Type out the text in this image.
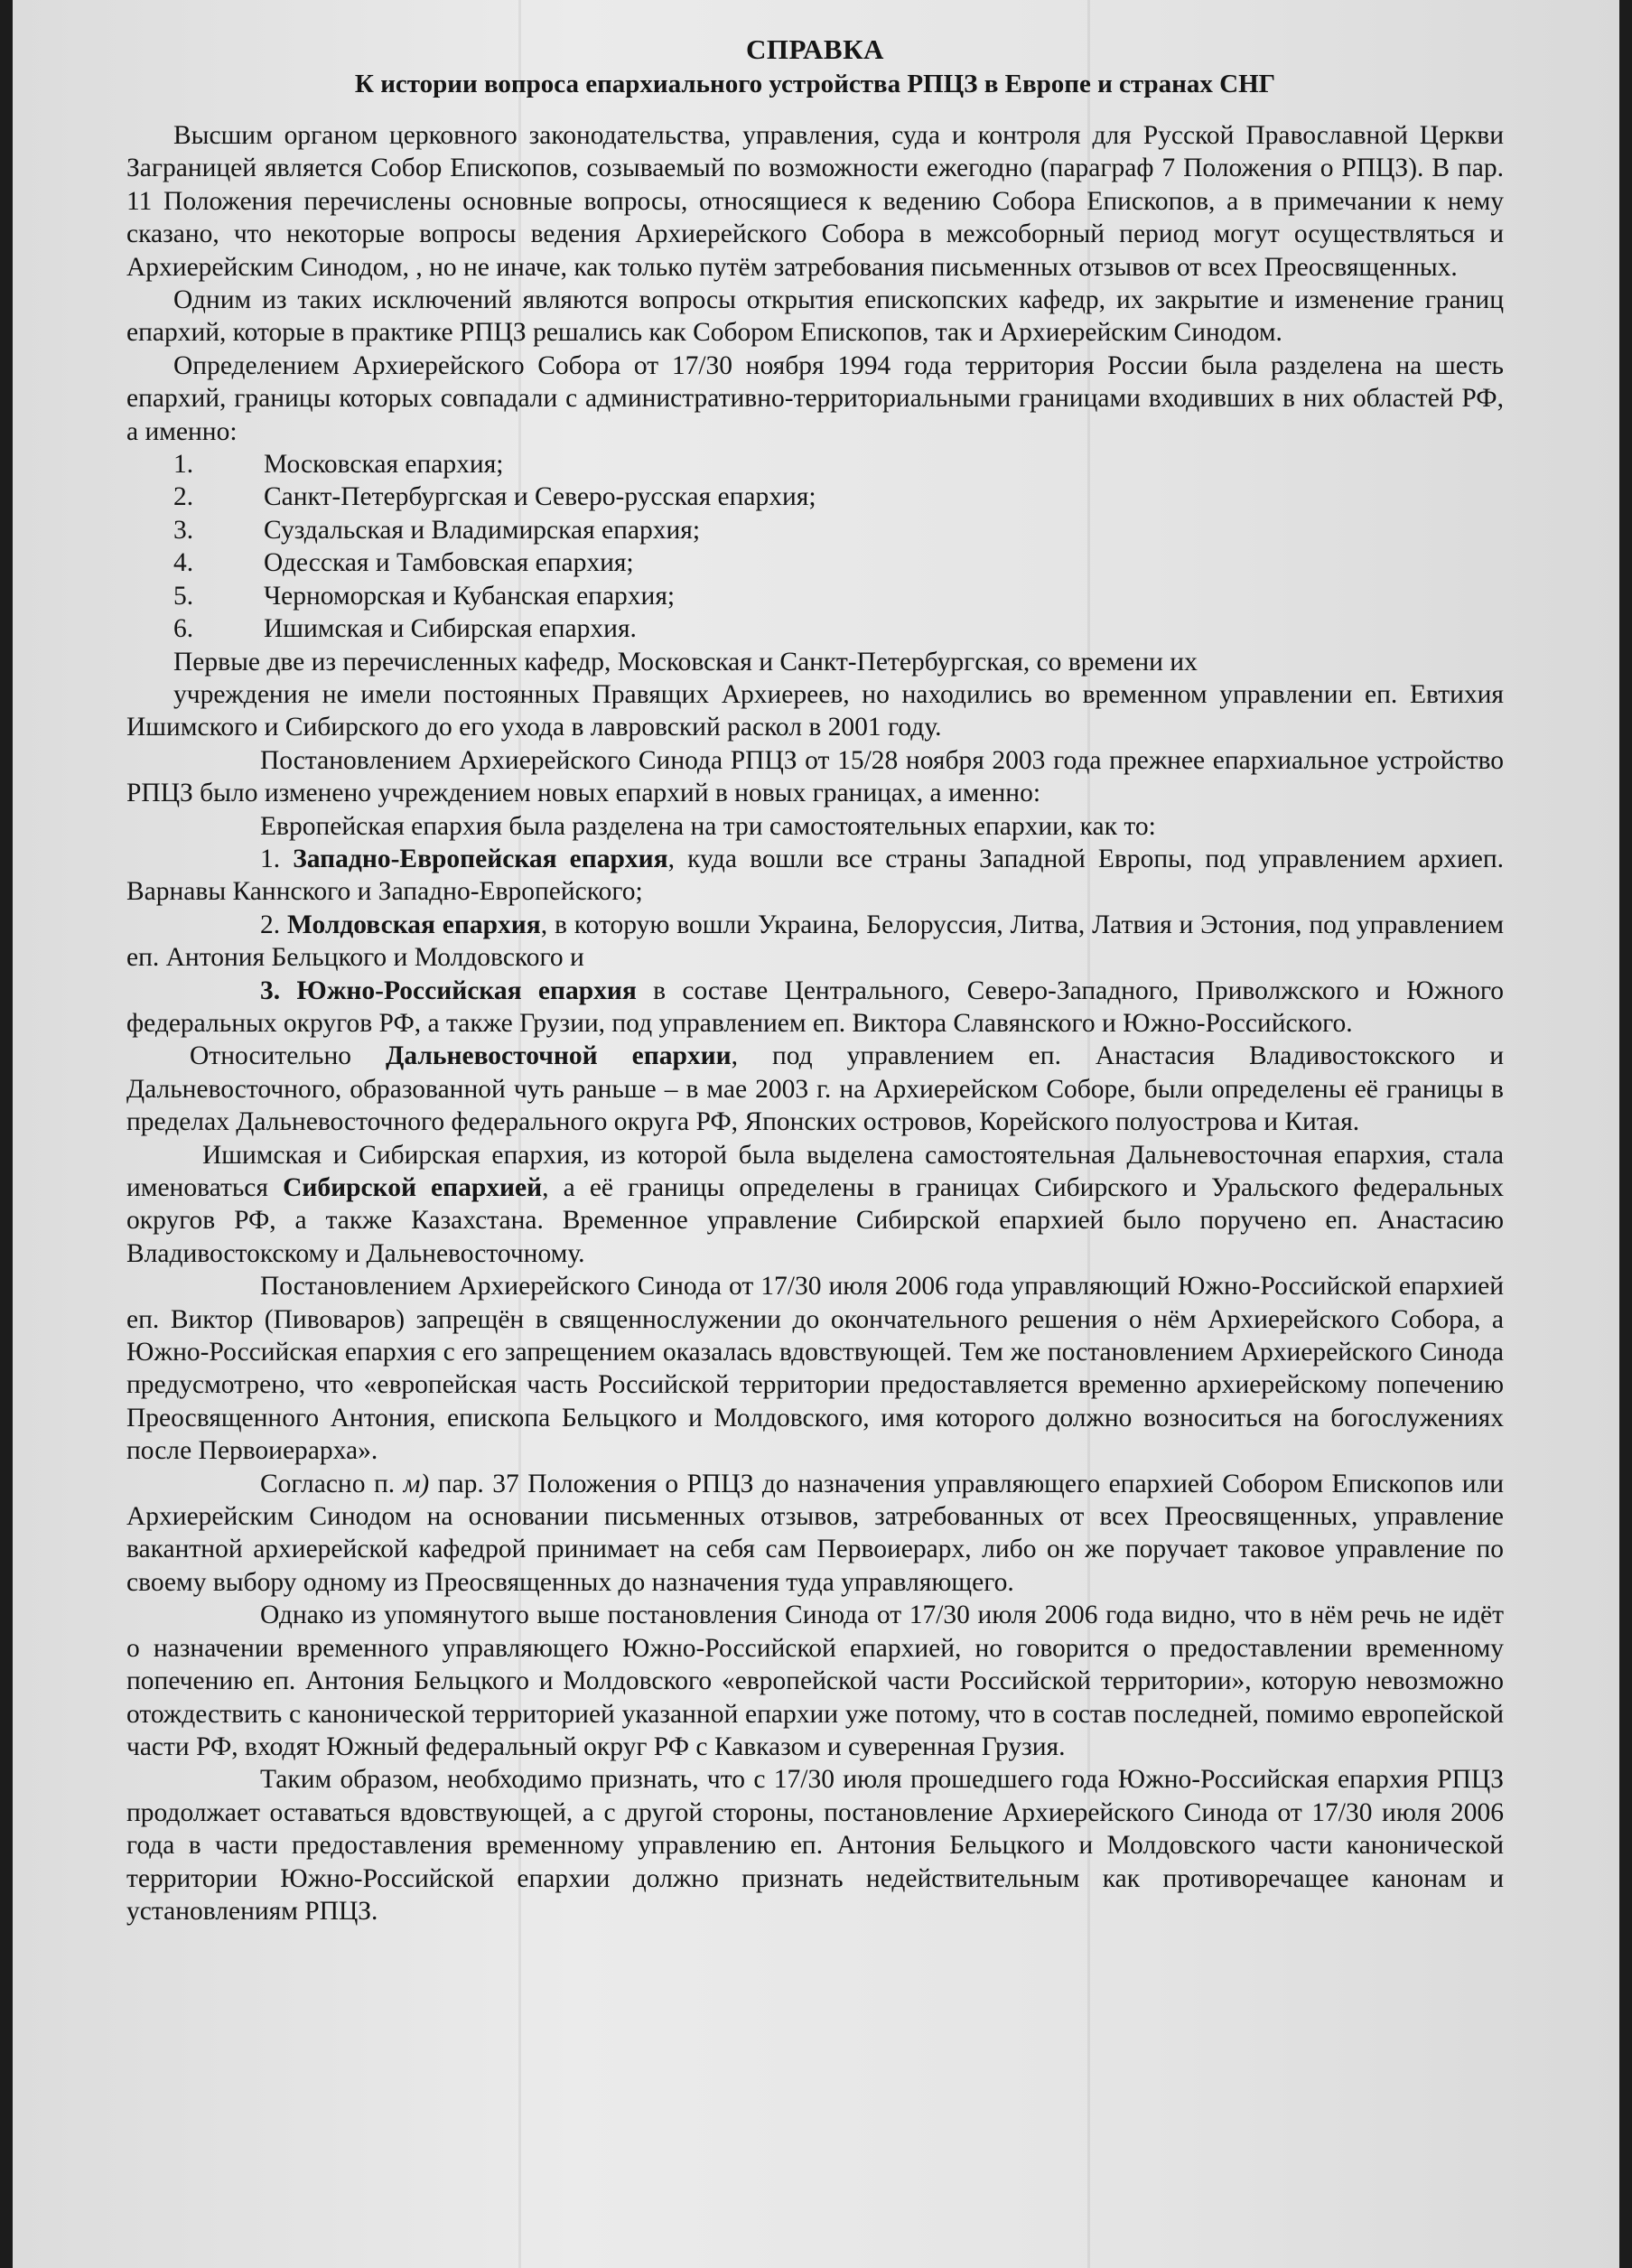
СПРАВКА
К истории вопроса епархиального устройства РПЦЗ в Европе и странах СНГ

Высшим органом церковного законодательства, управления, суда и контроля для Русской Православной Церкви Заграницей является Собор Епископов, созываемый по возможности ежегодно (параграф 7 Положения о РПЦЗ). В пар. 11 Положения перечислены основные вопросы, относящиеся к ведению Собора Епископов, а в примечании к нему сказано, что некоторые вопросы ведения Архиерейского Собора в межсоборный период могут осуществляться и Архиерейским Синодом, , но не иначе, как только путём затребования письменных отзывов от всех Преосвященных.

Одним из таких исключений являются вопросы открытия епископских кафедр, их закрытие и изменение границ епархий, которые в практике РПЦЗ решались как Собором Епископов, так и Архиерейским Синодом.

Определением Архиерейского Собора от 17/30 ноября 1994 года территория России была разделена на шесть епархий, границы которых совпадали с административно-территориальными границами входивших в них областей РФ, а именно:

1.	Московская епархия;
2.	Санкт-Петербургская и Северо-русская епархия;
3.	Суздальская и Владимирская епархия;
4.	Одесская и Тамбовская епархия;
5.	Черноморская и Кубанская епархия;
6.	Ишимская и Сибирская епархия.

Первые две из перечисленных кафедр, Московская и Санкт-Петербургская, со времени их

учреждения не имели постоянных Правящих Архиереев, но находились во временном управлении еп. Евтихия Ишимского и Сибирского до его ухода в лавровский раскол в 2001 году.

Постановлением Архиерейского Синода РПЦЗ от 15/28 ноября 2003 года прежнее епархиальное устройство РПЦЗ было изменено учреждением новых епархий в новых границах, а именно:

Европейская епархия была разделена на три самостоятельных епархии, как то:

1. Западно-Европейская епархия, куда вошли все страны Западной Европы, под управлением архиеп. Варнавы Каннского и Западно-Европейского;

2. Молдовская епархия, в которую вошли Украина, Белоруссия, Литва, Латвия и Эстония, под управлением еп. Антония Бельцкого и Молдовского и

3. Южно-Российская епархия в составе Центрального, Северо-Западного, Приволжского и Южного федеральных округов РФ, а также Грузии, под управлением еп. Виктора Славянского и Южно-Российского.

Относительно Дальневосточной епархии, под управлением еп. Анастасия Владивостокского и Дальневосточного, образованной чуть раньше – в мае 2003 г. на Архиерейском Соборе, были определены её границы в пределах Дальневосточного федерального округа РФ, Японских островов, Корейского полуострова и Китая.

Ишимская и Сибирская епархия, из которой была выделена самостоятельная Дальневосточная епархия, стала именоваться Сибирской епархией, а её границы определены в границах Сибирского и Уральского федеральных округов РФ, а также Казахстана. Временное управление Сибирской епархией было поручено еп. Анастасию Владивостокскому и Дальневосточному.

Постановлением Архиерейского Синода от 17/30 июля 2006 года управляющий Южно-Российской епархией еп. Виктор (Пивоваров) запрещён в священнослужении до окончательного решения о нём Архиерейского Собора, а Южно-Российская епархия с его запрещением оказалась вдовствующей. Тем же постановлением Архиерейского Синода предусмотрено, что «европейская часть Российской территории предоставляется временно архиерейскому попечению Преосвященного Антония, епископа Бельцкого и Молдовского, имя которого должно возноситься на богослужениях после Первоиерарха».

Согласно п. м) пар. 37 Положения о РПЦЗ до назначения управляющего епархией Собором Епископов или Архиерейским Синодом на основании письменных отзывов, затребованных от всех Преосвященных, управление вакантной архиерейской кафедрой принимает на себя сам Первоиерарх, либо он же поручает таковое управление по своему выбору одному из Преосвященных до назначения туда управляющего.

Однако из упомянутого выше постановления Синода от 17/30 июля 2006 года видно, что в нём речь не идёт о назначении временного управляющего Южно-Российской епархией, но говорится о предоставлении временному попечению еп. Антония Бельцкого и Молдовского «европейской части Российской территории», которую невозможно отождествить с канонической территорией указанной епархии уже потому, что в состав последней, помимо европейской части РФ, входят Южный федеральный округ РФ с Кавказом и суверенная Грузия.

Таким образом, необходимо признать, что с 17/30 июля прошедшего года Южно-Российская епархия РПЦЗ продолжает оставаться вдовствующей, а с другой стороны, постановление Архиерейского Синода от 17/30 июля 2006 года в части предоставления временному управлению еп. Антония Бельцкого и Молдовского части канонической территории Южно-Российской епархии должно признать недействительным как противоречащее канонам и установлениям РПЦЗ.
